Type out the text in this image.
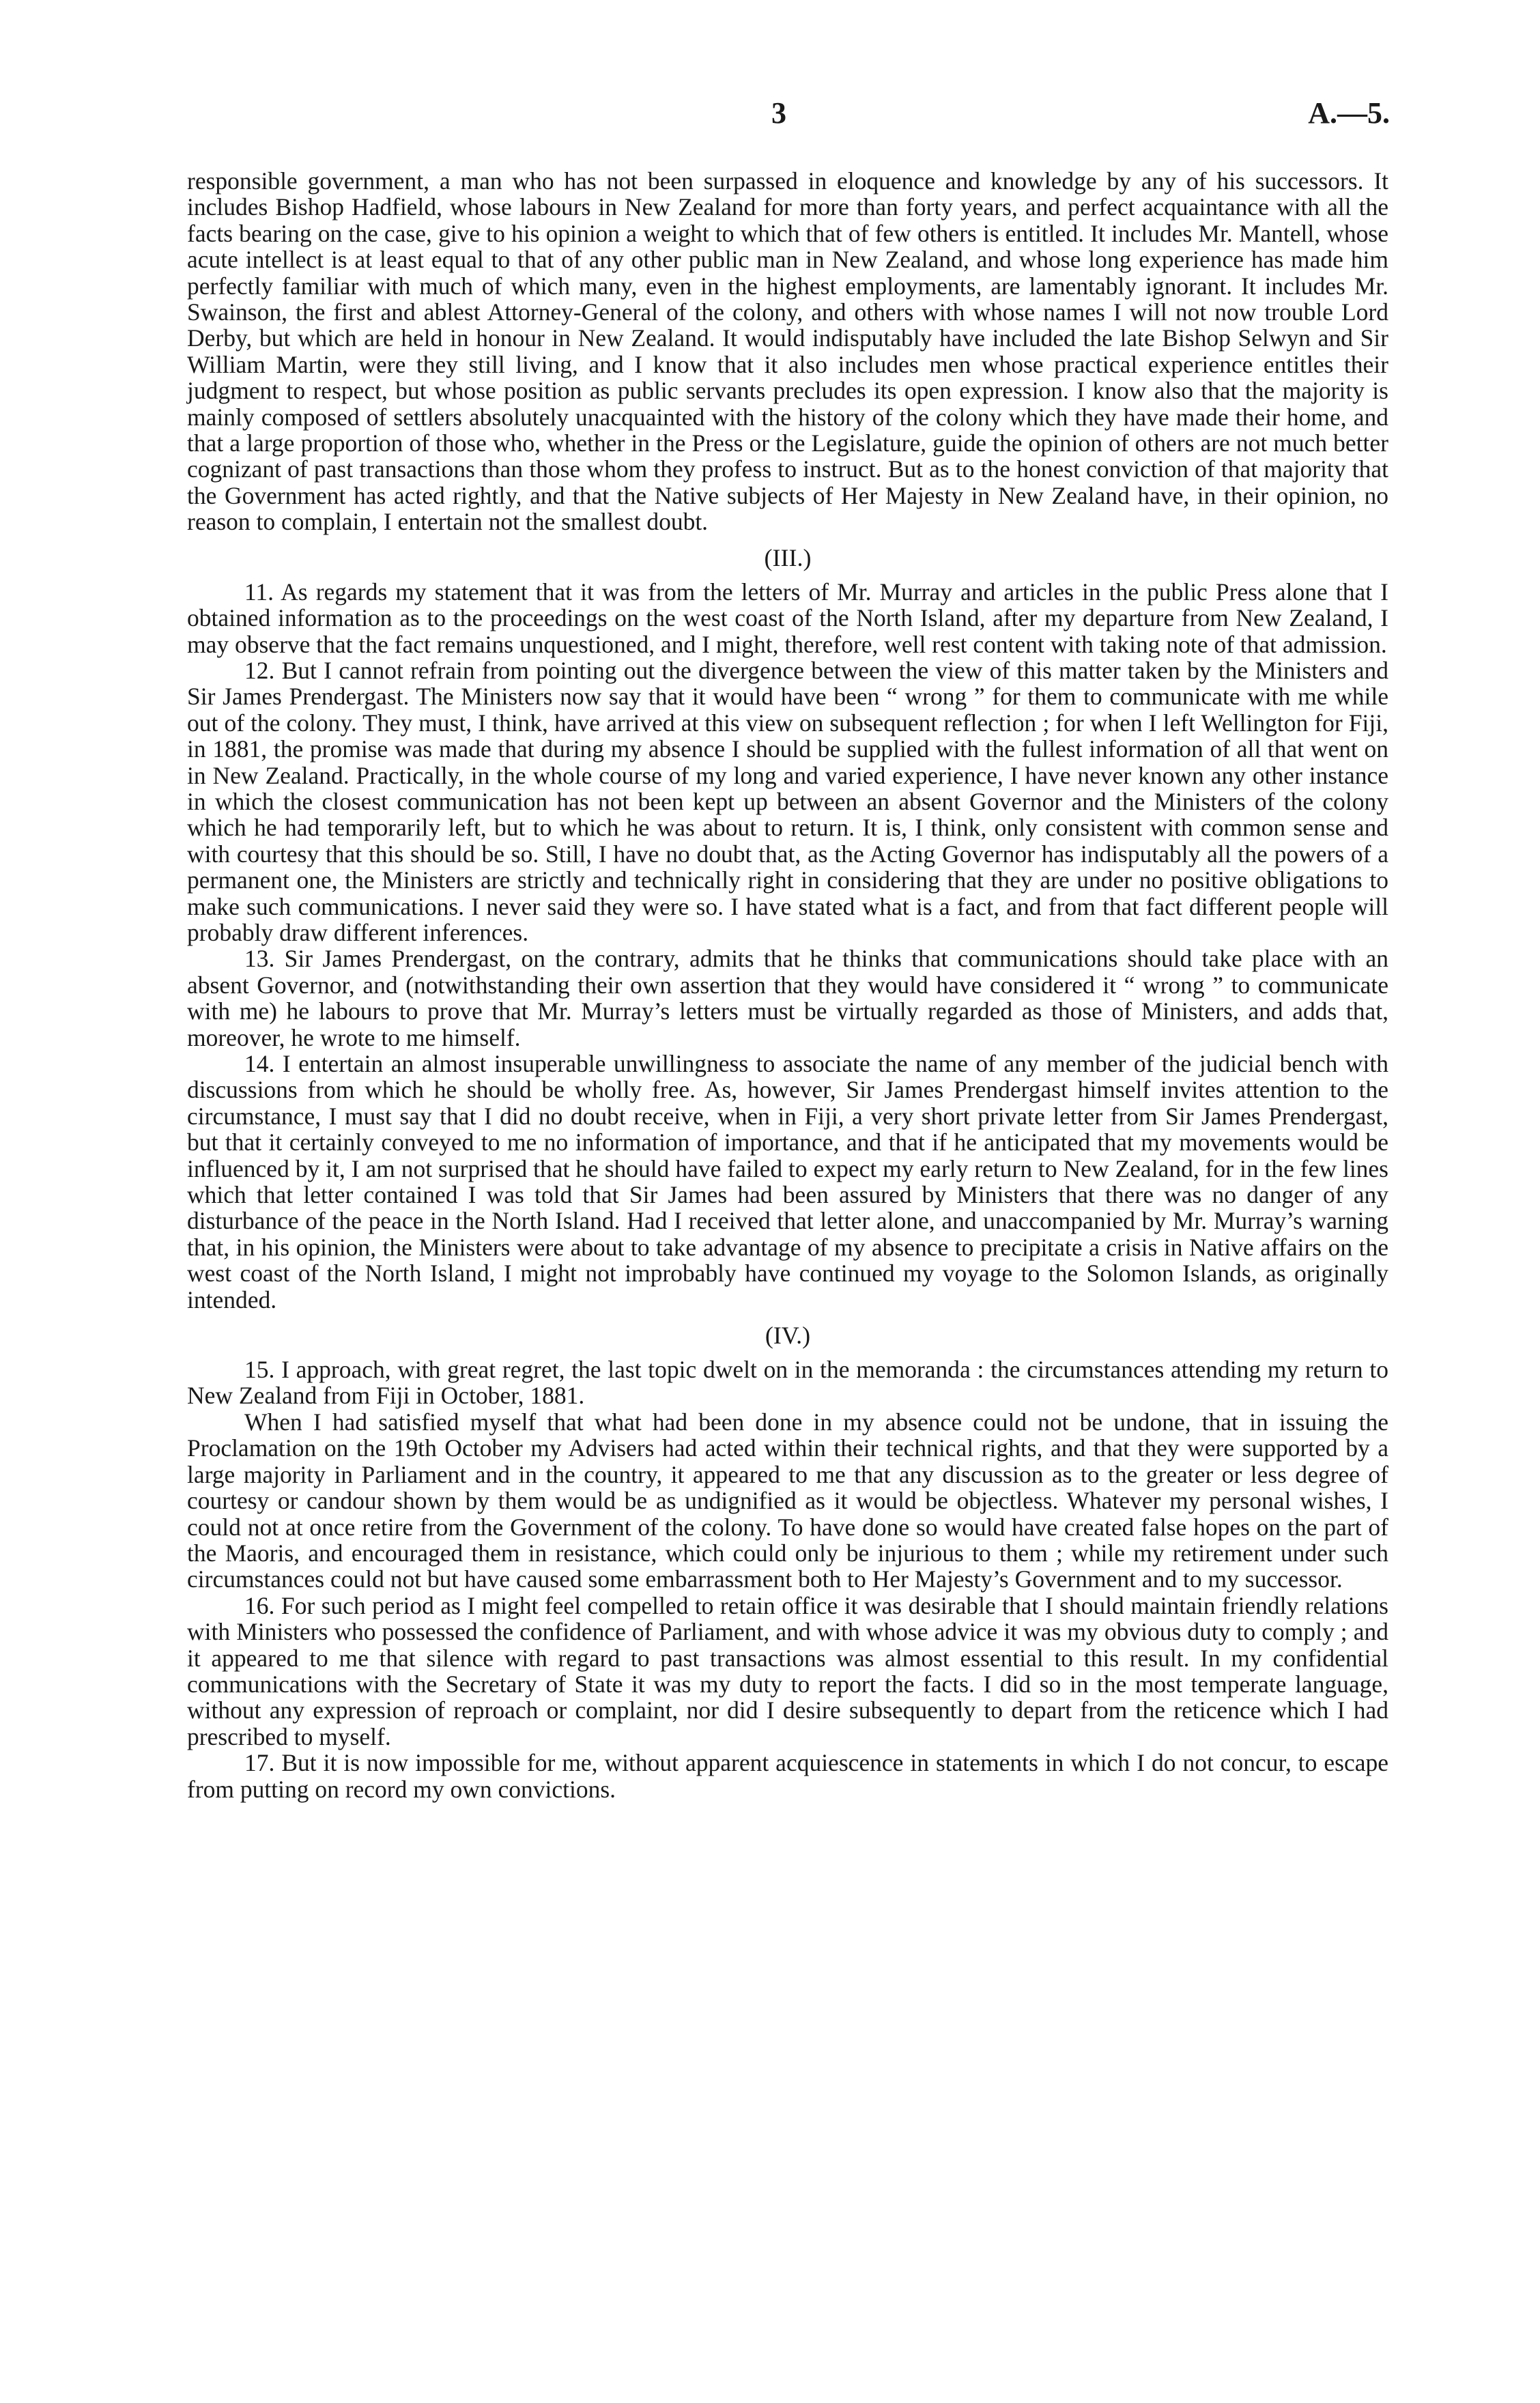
3	A.—5.

responsible government, a man who has not been surpassed in eloquence and knowledge by any of his successors. It includes Bishop Hadfield, whose labours in New Zealand for more than forty years, and perfect acquaintance with all the facts bearing on the case, give to his opinion a weight to which that of few others is entitled. It includes Mr. Mantell, whose acute intellect is at least equal to that of any other public man in New Zealand, and whose long experience has made him perfectly familiar with much of which many, even in the highest employments, are lamentably ignorant. It includes Mr. Swainson, the first and ablest Attorney-General of the colony, and others with whose names I will not now trouble Lord Derby, but which are held in honour in New Zealand. It would indisputably have included the late Bishop Selwyn and Sir William Martin, were they still living, and I know that it also includes men whose practical experience entitles their judgment to respect, but whose position as public servants precludes its open expression. I know also that the majority is mainly composed of settlers absolutely unacquainted with the history of the colony which they have made their home, and that a large proportion of those who, whether in the Press or the Legislature, guide the opinion of others are not much better cognizant of past transactions than those whom they profess to instruct. But as to the honest conviction of that majority that the Government has acted rightly, and that the Native subjects of Her Majesty in New Zealand have, in their opinion, no reason to complain, I entertain not the smallest doubt.

(III.)

11. As regards my statement that it was from the letters of Mr. Murray and articles in the public Press alone that I obtained information as to the proceedings on the west coast of the North Island, after my departure from New Zealand, I may observe that the fact remains unquestioned, and I might, therefore, well rest content with taking note of that admission.

12. But I cannot refrain from pointing out the divergence between the view of this matter taken by the Ministers and Sir James Prendergast. The Ministers now say that it would have been “ wrong ” for them to communicate with me while out of the colony. They must, I think, have arrived at this view on subsequent reflection ; for when I left Wellington for Fiji, in 1881, the promise was made that during my absence I should be supplied with the fullest information of all that went on in New Zealand. Practically, in the whole course of my long and varied experience, I have never known any other instance in which the closest communication has not been kept up between an absent Governor and the Ministers of the colony which he had temporarily left, but to which he was about to return. It is, I think, only consistent with common sense and with courtesy that this should be so. Still, I have no doubt that, as the Acting Governor has indisputably all the powers of a permanent one, the Ministers are strictly and technically right in considering that they are under no positive obligations to make such communications. I never said they were so. I have stated what is a fact, and from that fact different people will probably draw different inferences.

13. Sir James Prendergast, on the contrary, admits that he thinks that communications should take place with an absent Governor, and (notwithstanding their own assertion that they would have considered it “ wrong ” to communicate with me) he labours to prove that Mr. Murray’s letters must be virtually regarded as those of Ministers, and adds that, moreover, he wrote to me himself.

14. I entertain an almost insuperable unwillingness to associate the name of any member of the judicial bench with discussions from which he should be wholly free. As, however, Sir James Prendergast himself invites attention to the circumstance, I must say that I did no doubt receive, when in Fiji, a very short private letter from Sir James Prendergast, but that it certainly conveyed to me no information of importance, and that if he anticipated that my movements would be influenced by it, I am not surprised that he should have failed to expect my early return to New Zealand, for in the few lines which that letter contained I was told that Sir James had been assured by Ministers that there was no danger of any disturbance of the peace in the North Island. Had I received that letter alone, and unaccompanied by Mr. Murray’s warning that, in his opinion, the Ministers were about to take advantage of my absence to precipitate a crisis in Native affairs on the west coast of the North Island, I might not improbably have continued my voyage to the Solomon Islands, as originally intended.

(IV.)

15. I approach, with great regret, the last topic dwelt on in the memoranda : the circumstances attending my return to New Zealand from Fiji in October, 1881.

When I had satisfied myself that what had been done in my absence could not be undone, that in issuing the Proclamation on the 19th October my Advisers had acted within their technical rights, and that they were supported by a large majority in Parliament and in the country, it appeared to me that any discussion as to the greater or less degree of courtesy or candour shown by them would be as undignified as it would be objectless. Whatever my personal wishes, I could not at once retire from the Government of the colony. To have done so would have created false hopes on the part of the Maoris, and encouraged them in resistance, which could only be injurious to them ; while my retirement under such circumstances could not but have caused some embarrassment both to Her Majesty’s Government and to my successor.

16. For such period as I might feel compelled to retain office it was desirable that I should maintain friendly relations with Ministers who possessed the confidence of Parliament, and with whose advice it was my obvious duty to comply ; and it appeared to me that silence with regard to past transactions was almost essential to this result. In my confidential communications with the Secretary of State it was my duty to report the facts. I did so in the most temperate language, without any expression of reproach or complaint, nor did I desire subsequently to depart from the reticence which I had prescribed to myself.

17. But it is now impossible for me, without apparent acquiescence in statements in which I do not concur, to escape from putting on record my own convictions.
